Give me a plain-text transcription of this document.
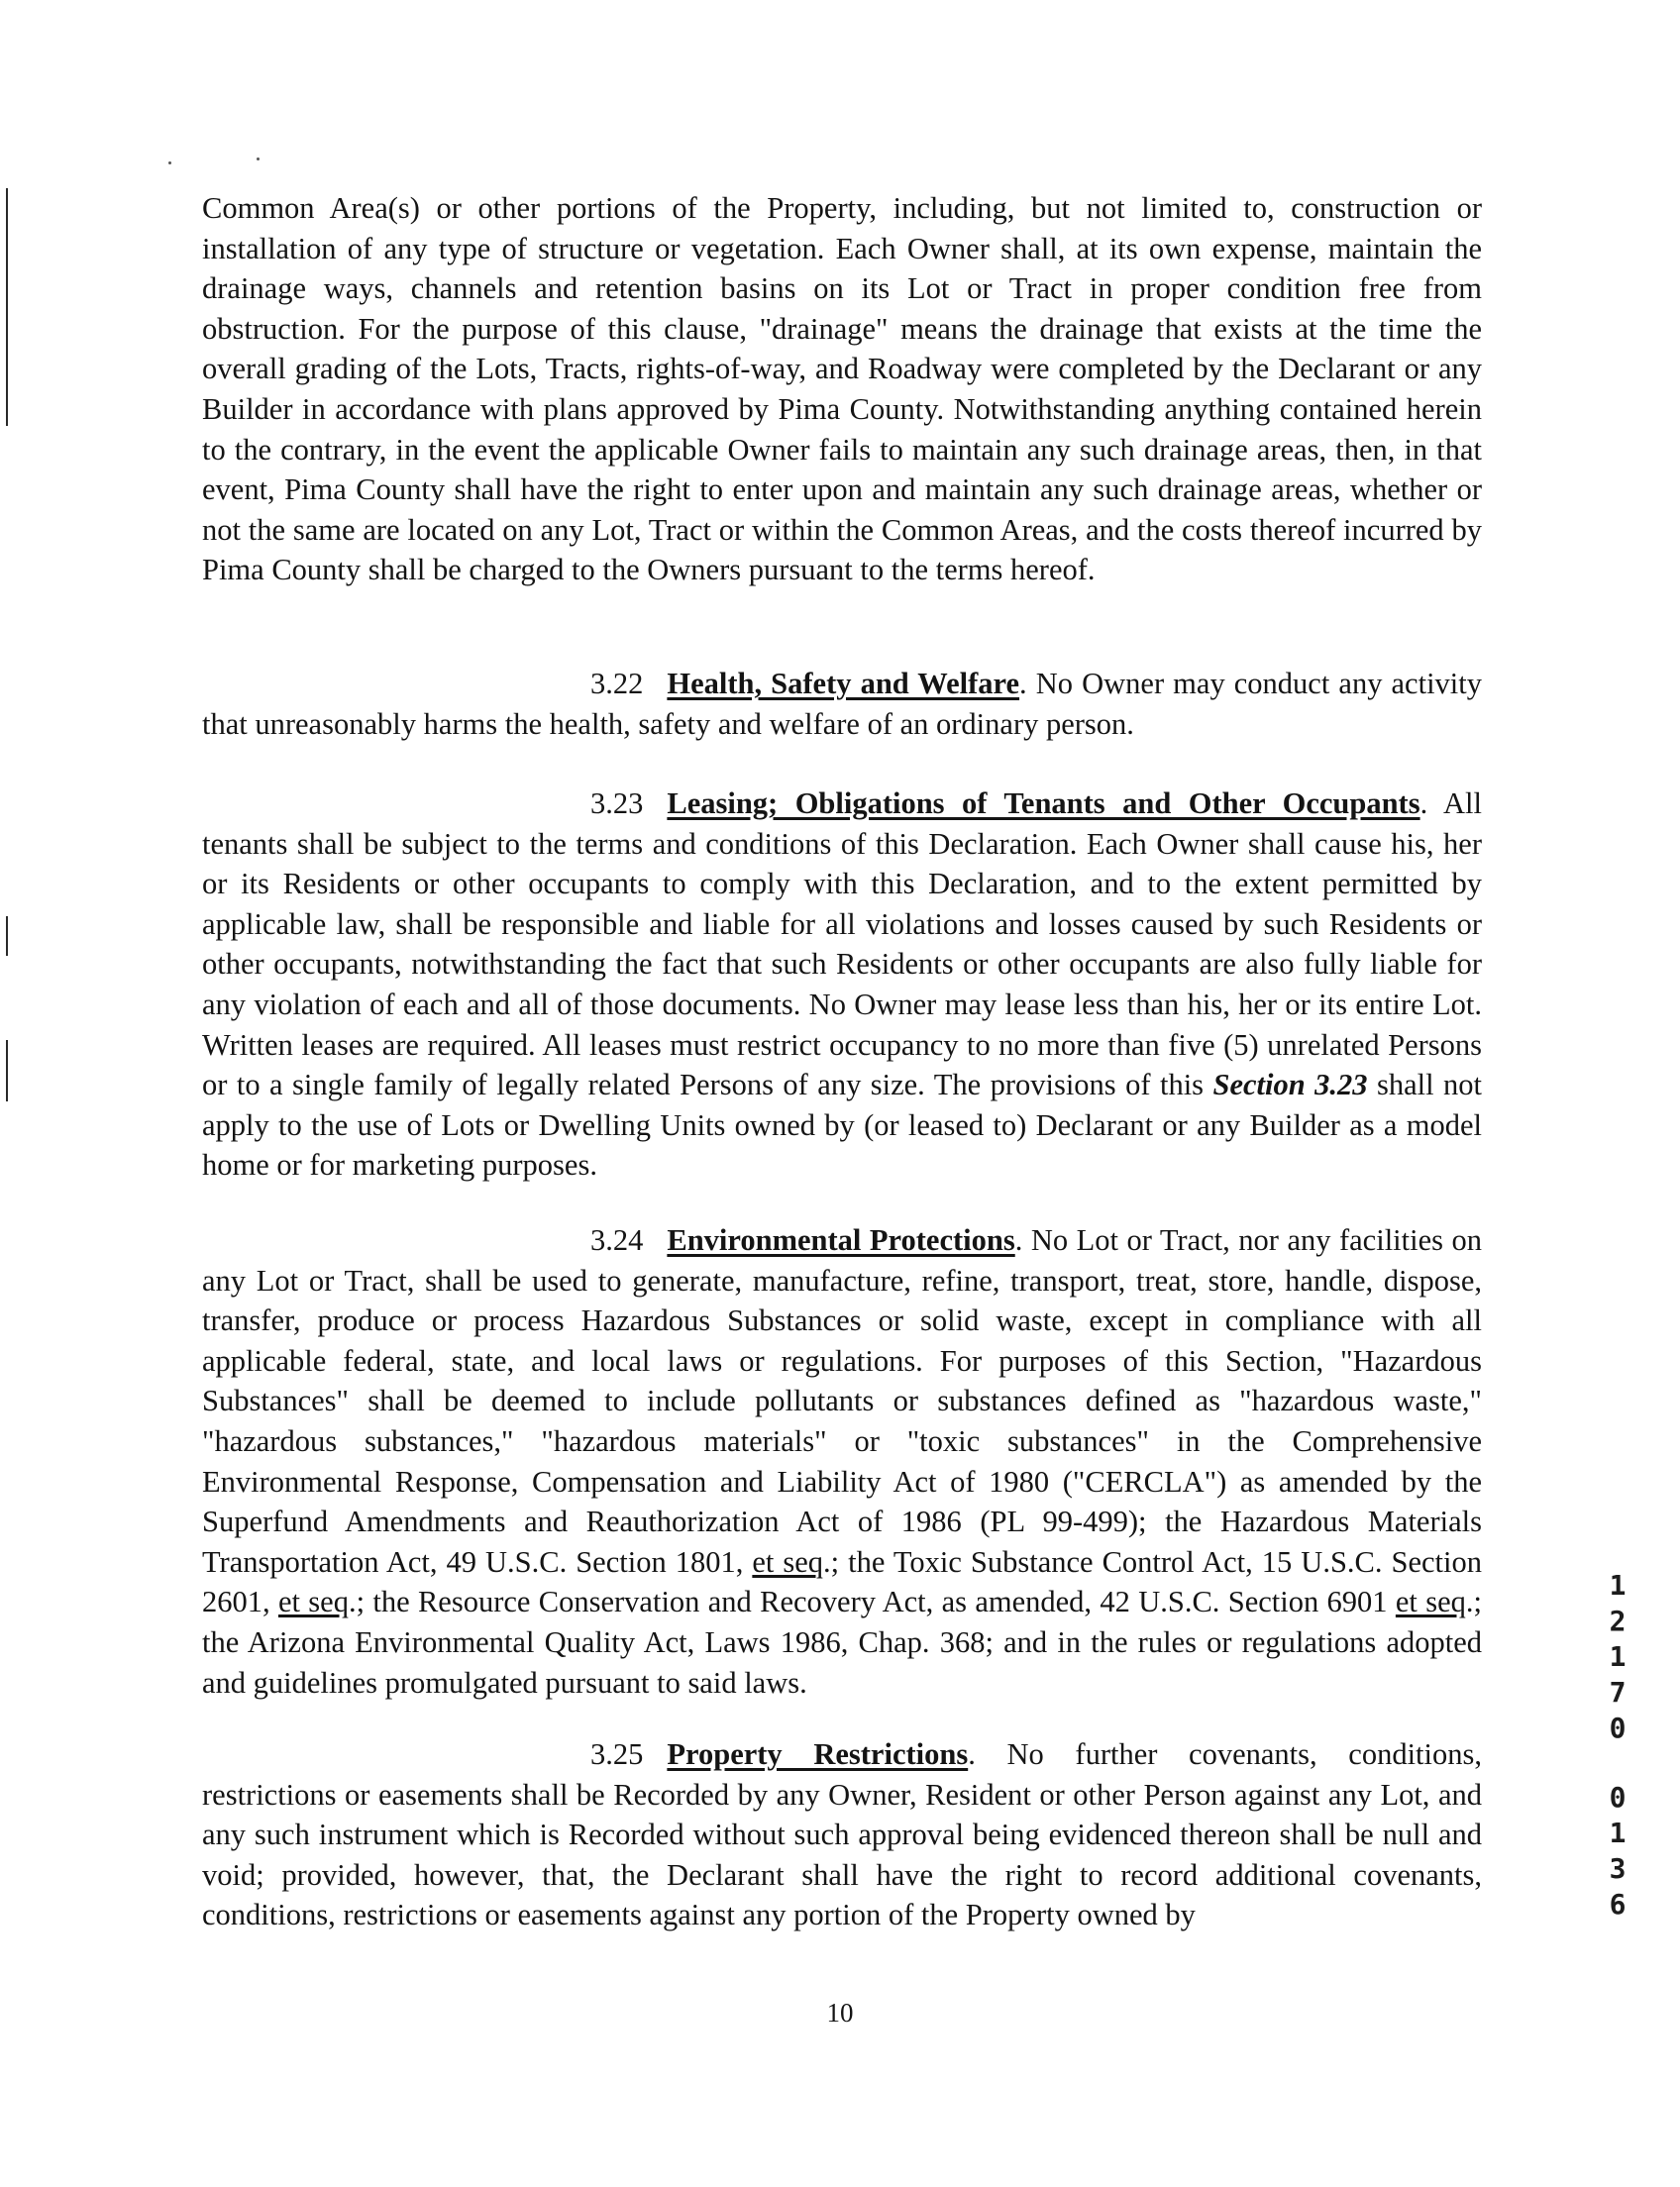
Common Area(s) or other portions of the Property, including, but not limited to, construction or installation of any type of structure or vegetation. Each Owner shall, at its own expense, maintain the drainage ways, channels and retention basins on its Lot or Tract in proper condition free from obstruction. For the purpose of this clause, "drainage" means the drainage that exists at the time the overall grading of the Lots, Tracts, rights-of-way, and Roadway were completed by the Declarant or any Builder in accordance with plans approved by Pima County. Notwithstanding anything contained herein to the contrary, in the event the applicable Owner fails to maintain any such drainage areas, then, in that event, Pima County shall have the right to enter upon and maintain any such drainage areas, whether or not the same are located on any Lot, Tract or within the Common Areas, and the costs thereof incurred by Pima County shall be charged to the Owners pursuant to the terms hereof.

3.22 Health, Safety and Welfare. No Owner may conduct any activity that unreasonably harms the health, safety and welfare of an ordinary person.

3.23 Leasing; Obligations of Tenants and Other Occupants. All tenants shall be subject to the terms and conditions of this Declaration. Each Owner shall cause his, her or its Residents or other occupants to comply with this Declaration, and to the extent permitted by applicable law, shall be responsible and liable for all violations and losses caused by such Residents or other occupants, notwithstanding the fact that such Residents or other occupants are also fully liable for any violation of each and all of those documents. No Owner may lease less than his, her or its entire Lot. Written leases are required. All leases must restrict occupancy to no more than five (5) unrelated Persons or to a single family of legally related Persons of any size. The provisions of this Section 3.23 shall not apply to the use of Lots or Dwelling Units owned by (or leased to) Declarant or any Builder as a model home or for marketing purposes.

3.24 Environmental Protections. No Lot or Tract, nor any facilities on any Lot or Tract, shall be used to generate, manufacture, refine, transport, treat, store, handle, dispose, transfer, produce or process Hazardous Substances or solid waste, except in compliance with all applicable federal, state, and local laws or regulations. For purposes of this Section, "Hazardous Substances" shall be deemed to include pollutants or substances defined as "hazardous waste," "hazardous substances," "hazardous materials" or "toxic substances" in the Comprehensive Environmental Response, Compensation and Liability Act of 1980 ("CERCLA") as amended by the Superfund Amendments and Reauthorization Act of 1986 (PL 99-499); the Hazardous Materials Transportation Act, 49 U.S.C. Section 1801, et seq.; the Toxic Substance Control Act, 15 U.S.C. Section 2601, et seq.; the Resource Conservation and Recovery Act, as amended, 42 U.S.C. Section 6901 et seq.; the Arizona Environmental Quality Act, Laws 1986, Chap. 368; and in the rules or regulations adopted and guidelines promulgated pursuant to said laws.

3.25 Property Restrictions. No further covenants, conditions, restrictions or easements shall be Recorded by any Owner, Resident or other Person against any Lot, and any such instrument which is Recorded without such approval being evidenced thereon shall be null and void; provided, however, that, the Declarant shall have the right to record additional covenants, conditions, restrictions or easements against any portion of the Property owned by

1
2
1
7
0
0
1
3
6
10
